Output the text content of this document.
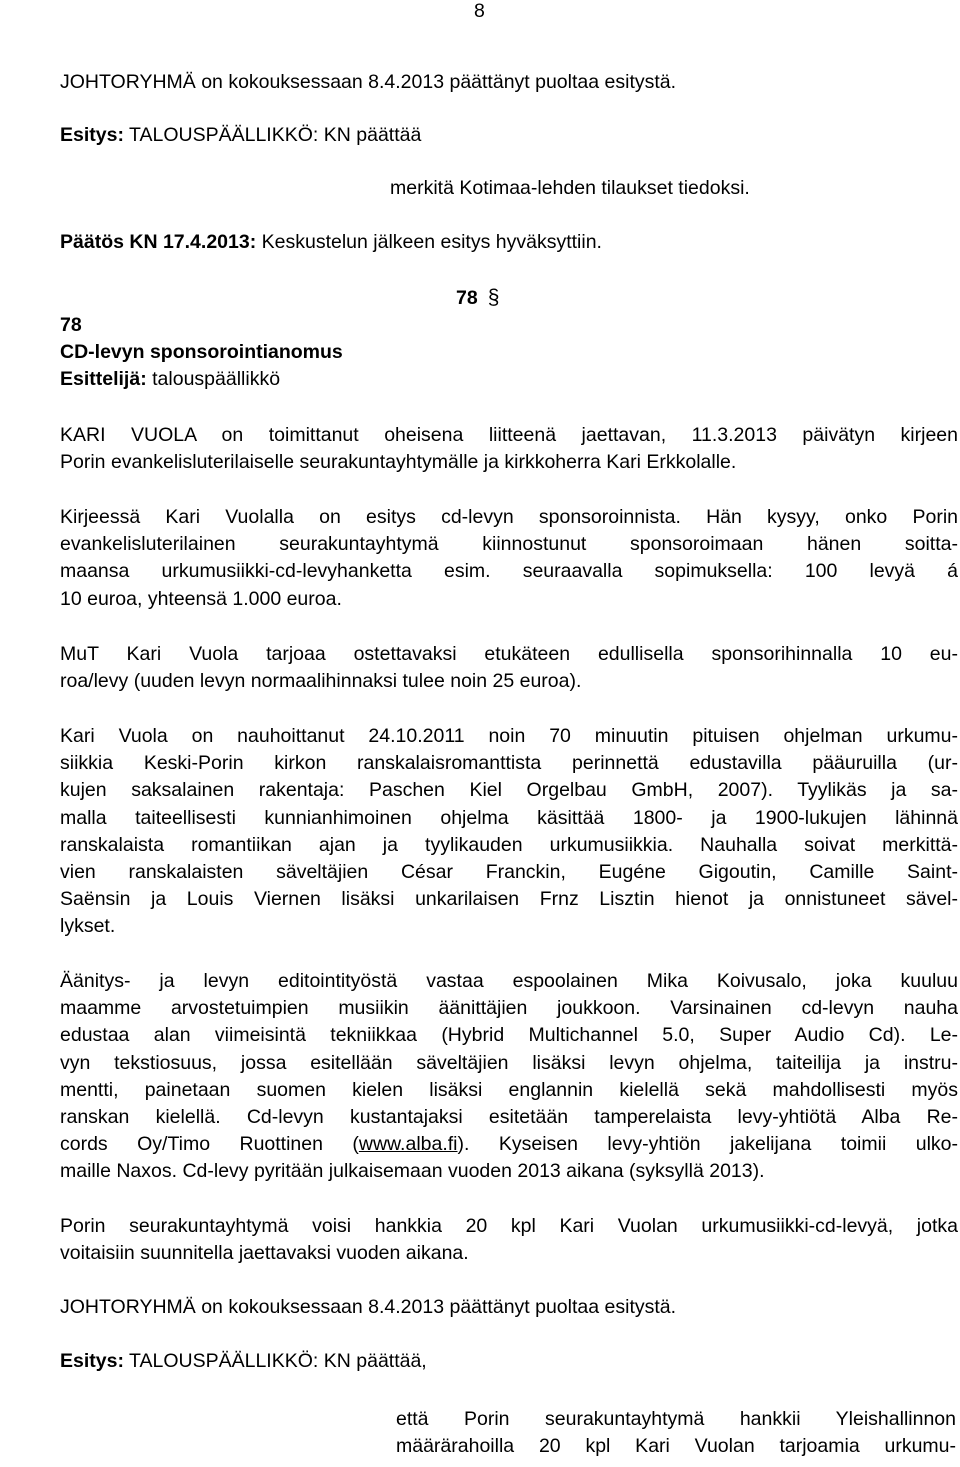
8
JOHTORYHMÄ on kokouksessaan 8.4.2013 päättänyt puoltaa esitystä.
Esitys: TALOUSPÄÄLLIKKÖ: KN päättää
merkitä Kotimaa-lehden tilaukset tiedoksi.
Päätös KN 17.4.2013: Keskustelun jälkeen esitys hyväksyttiin.
78 §
78
CD-levyn sponsorointianomus
Esittelijä: talouspäällikkö
KARI VUOLA on toimittanut oheisena liitteenä jaettavan, 11.3.2013 päivätyn kirjeen
Porin evankelisluterilaiselle seurakuntayhtymälle ja kirkkoherra Kari Erkkolalle.
Kirjeessä Kari Vuolalla on esitys cd-levyn sponsoroinnista. Hän kysyy, onko Porin
evankelisluterilainen seurakuntayhtymä kiinnostunut sponsoroimaan hänen soitta-
maansa urkumusiikki-cd-levyhanketta esim. seuraavalla sopimuksella: 100 levyä á
10 euroa, yhteensä 1.000 euroa.
MuT Kari Vuola tarjoaa ostettavaksi etukäteen edullisella sponsorihinnalla 10 eu-
roa/levy (uuden levyn normaalihinnaksi tulee noin 25 euroa).
Kari Vuola on nauhoittanut 24.10.2011 noin 70 minuutin pituisen ohjelman urkumu-
siikkia Keski-Porin kirkon ranskalaisromanttista perinnettä edustavilla pääuruilla (ur-
kujen saksalainen rakentaja: Paschen Kiel Orgelbau GmbH, 2007). Tyylikäs ja sa-
malla taiteellisesti kunnianhimoinen ohjelma käsittää 1800- ja 1900-lukujen lähinnä
ranskalaista romantiikan ajan ja tyylikauden urkumusiikkia. Nauhalla soivat merkittä-
vien ranskalaisten säveltäjien César Franckin, Eugéne Gigoutin, Camille Saint-
Saënsin ja Louis Viernen lisäksi unkarilaisen Frnz Lisztin hienot ja onnistuneet sävel-
lykset.
Äänitys- ja levyn editointityöstä vastaa espoolainen Mika Koivusalo, joka kuuluu
maamme arvostetuimpien musiikin äänittäjien joukkoon. Varsinainen cd-levyn nauha
edustaa alan viimeisintä tekniikkaa (Hybrid Multichannel 5.0, Super Audio Cd). Le-
vyn tekstiosuus, jossa esitellään säveltäjien lisäksi levyn ohjelma, taiteilija ja instru-
mentti, painetaan suomen kielen lisäksi englannin kielellä sekä mahdollisesti myös
ranskan kielellä. Cd-levyn kustantajaksi esitetään tamperelaista levy-yhtiötä Alba Re-
cords Oy/Timo Ruottinen (www.alba.fi). Kyseisen levy-yhtiön jakelijana toimii ulko-
maille Naxos. Cd-levy pyritään julkaisemaan vuoden 2013 aikana (syksyllä 2013).
Porin seurakuntayhtymä voisi hankkia 20 kpl Kari Vuolan urkumusiikki-cd-levyä, jotka
voitaisiin suunnitella jaettavaksi vuoden aikana.
JOHTORYHMÄ on kokouksessaan 8.4.2013 päättänyt puoltaa esitystä.
Esitys: TALOUSPÄÄLLIKKÖ: KN päättää,
että Porin seurakuntayhtymä hankkii Yleishallinnon
määrärahoilla 20 kpl Kari Vuolan tarjoamia urkumu-
